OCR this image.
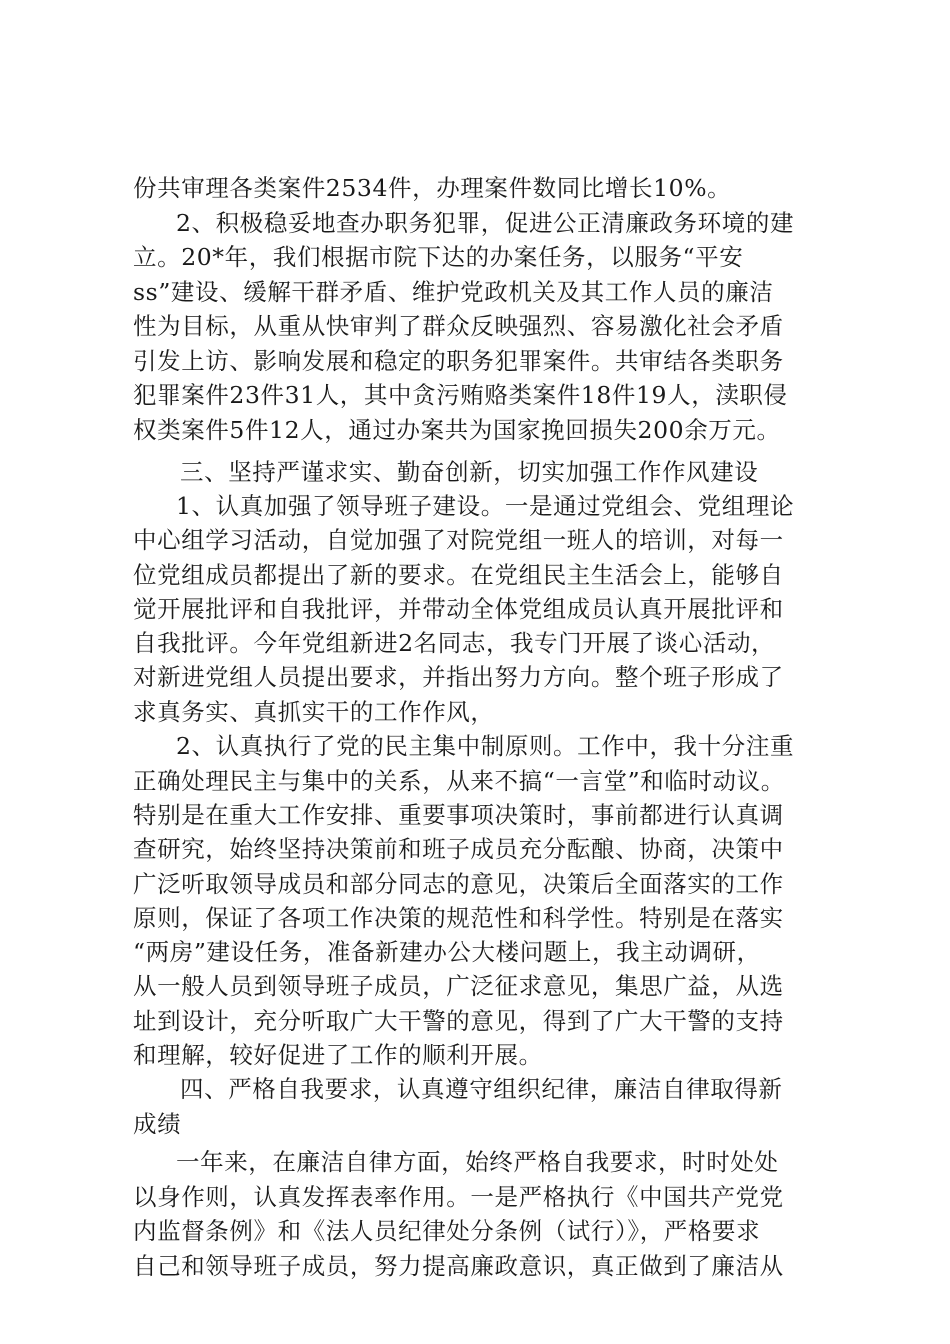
份共审理各类案件2534件，办理案件数同比增长10%。
2、积极稳妥地查办职务犯罪，促进公正清廉政务环境的建
立。20*年，我们根据市院下达的办案任务，以服务“平安
ss”建设、缓解干群矛盾、维护党政机关及其工作人员的廉洁
性为目标，从重从快审判了群众反映强烈、容易激化社会矛盾
引发上访、影响发展和稳定的职务犯罪案件。共审结各类职务
犯罪案件23件31人，其中贪污贿赂类案件18件19人，渎职侵
权类案件5件12人，通过办案共为国家挽回损失200余万元。
三、坚持严谨求实、勤奋创新，切实加强工作作风建设
1、认真加强了领导班子建设。一是通过党组会、党组理论
中心组学习活动，自觉加强了对院党组一班人的培训，对每一
位党组成员都提出了新的要求。在党组民主生活会上，能够自
觉开展批评和自我批评，并带动全体党组成员认真开展批评和
自我批评。今年党组新进2名同志，我专门开展了谈心活动，
对新进党组人员提出要求，并指出努力方向。整个班子形成了
求真务实、真抓实干的工作作风，
2、认真执行了党的民主集中制原则。工作中，我十分注重
正确处理民主与集中的关系，从来不搞“一言堂”和临时动议。
特别是在重大工作安排、重要事项决策时，事前都进行认真调
查研究，始终坚持决策前和班子成员充分酝酿、协商，决策中
广泛听取领导成员和部分同志的意见，决策后全面落实的工作
原则，保证了各项工作决策的规范性和科学性。特别是在落实
“两房”建设任务，准备新建办公大楼问题上，我主动调研，
从一般人员到领导班子成员，广泛征求意见，集思广益，从选
址到设计，充分听取广大干警的意见，得到了广大干警的支持
和理解，较好促进了工作的顺利开展。
四、严格自我要求，认真遵守组织纪律，廉洁自律取得新
成绩
一年来，在廉洁自律方面，始终严格自我要求，时时处处
以身作则，认真发挥表率作用。一是严格执行《中国共产党党
内监督条例》和《法人员纪律处分条例（试行）》，严格要求
自己和领导班子成员，努力提高廉政意识，真正做到了廉洁从
